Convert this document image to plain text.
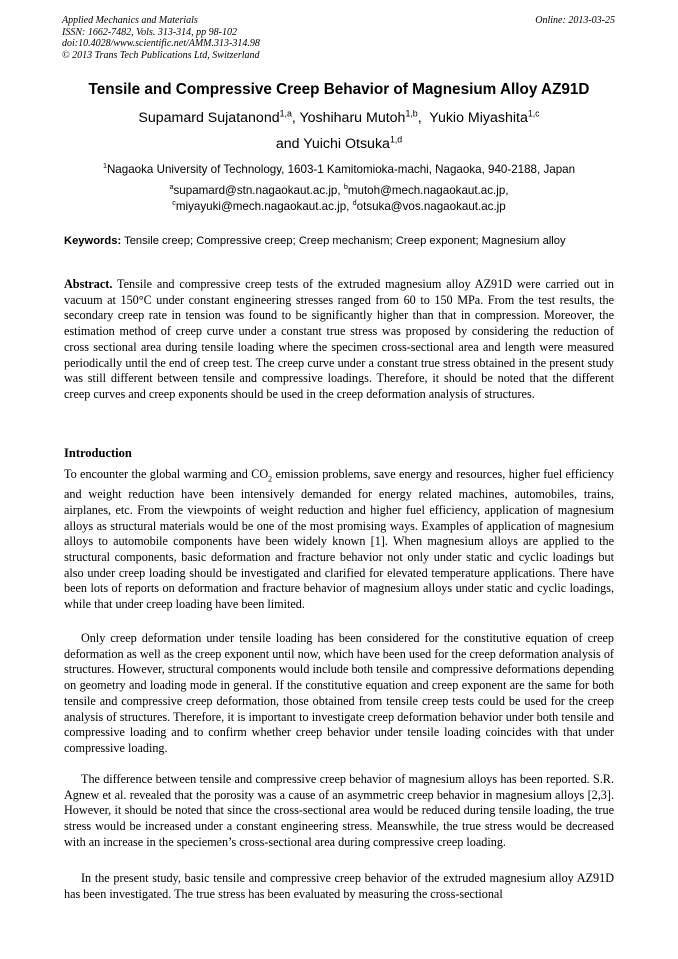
Applied Mechanics and Materials
ISSN: 1662-7482, Vols. 313-314, pp 98-102
doi:10.4028/www.scientific.net/AMM.313-314.98
© 2013 Trans Tech Publications Ltd, Switzerland
Online: 2013-03-25
Tensile and Compressive Creep Behavior of Magnesium Alloy AZ91D
Supamard Sujatanond$^{1,a}$, Yoshiharu Mutoh$^{1,b}$,  Yukio Miyashita$^{1,c}$
and Yuichi Otsuka$^{1,d}$
$^1$Nagaoka University of Technology, 1603-1 Kamitomioka-machi, Nagaoka, 940-2188, Japan
$^a$supamard@stn.nagaokaut.ac.jp, $^b$mutoh@mech.nagaokaut.ac.jp,
$^c$miyayuki@mech.nagaokaut.ac.jp, $^d$otsuka@vos.nagaokaut.ac.jp
Keywords: Tensile creep; Compressive creep; Creep mechanism; Creep exponent; Magnesium alloy
Abstract. Tensile and compressive creep tests of the extruded magnesium alloy AZ91D were carried out in vacuum at 150°C under constant engineering stresses ranged from 60 to 150 MPa. From the test results, the secondary creep rate in tension was found to be significantly higher than that in compression. Moreover, the estimation method of creep curve under a constant true stress was proposed by considering the reduction of cross sectional area during tensile loading where the specimen cross-sectional area and length were measured periodically until the end of creep test. The creep curve under a constant true stress obtained in the present study was still different between tensile and compressive loadings. Therefore, it should be noted that the different creep curves and creep exponents should be used in the creep deformation analysis of structures.
Introduction
To encounter the global warming and $CO_2$ emission problems, save energy and resources, higher fuel efficiency and weight reduction have been intensively demanded for energy related machines, automobiles, trains, airplanes, etc. From the viewpoints of weight reduction and higher fuel efficiency, application of magnesium alloys as structural materials would be one of the most promising ways. Examples of application of magnesium alloys to automobile components have been widely known [1]. When magnesium alloys are applied to the structural components, basic deformation and fracture behavior not only under static and cyclic loadings but also under creep loading should be investigated and clarified for elevated temperature applications. There have been lots of reports on deformation and fracture behavior of magnesium alloys under static and cyclic loadings, while that under creep loading have been limited.
Only creep deformation under tensile loading has been considered for the constitutive equation of creep deformation as well as the creep exponent until now, which have been used for the creep deformation analysis of structures. However, structural components would include both tensile and compressive deformations depending on geometry and loading mode in general. If the constitutive equation and creep exponent are the same for both tensile and compressive creep deformation, those obtained from tensile creep tests could be used for the creep analysis of structures. Therefore, it is important to investigate creep deformation behavior under both tensile and compressive loading and to confirm whether creep behavior under tensile loading coincides with that under compressive loading.
The difference between tensile and compressive creep behavior of magnesium alloys has been reported. S.R. Agnew et al. revealed that the porosity was a cause of an asymmetric creep behavior in magnesium alloys [2,3]. However, it should be noted that since the cross-sectional area would be reduced during tensile loading, the true stress would be increased under a constant engineering stress. Meanswhile, the true stress would be decreased with an increase in the speciemen’s cross-sectional area during compressive creep loading.
In the present study, basic tensile and compressive creep behavior of the extruded magnesium alloy AZ91D has been investigated. The true stress has been evaluated by measuring the cross-sectional
